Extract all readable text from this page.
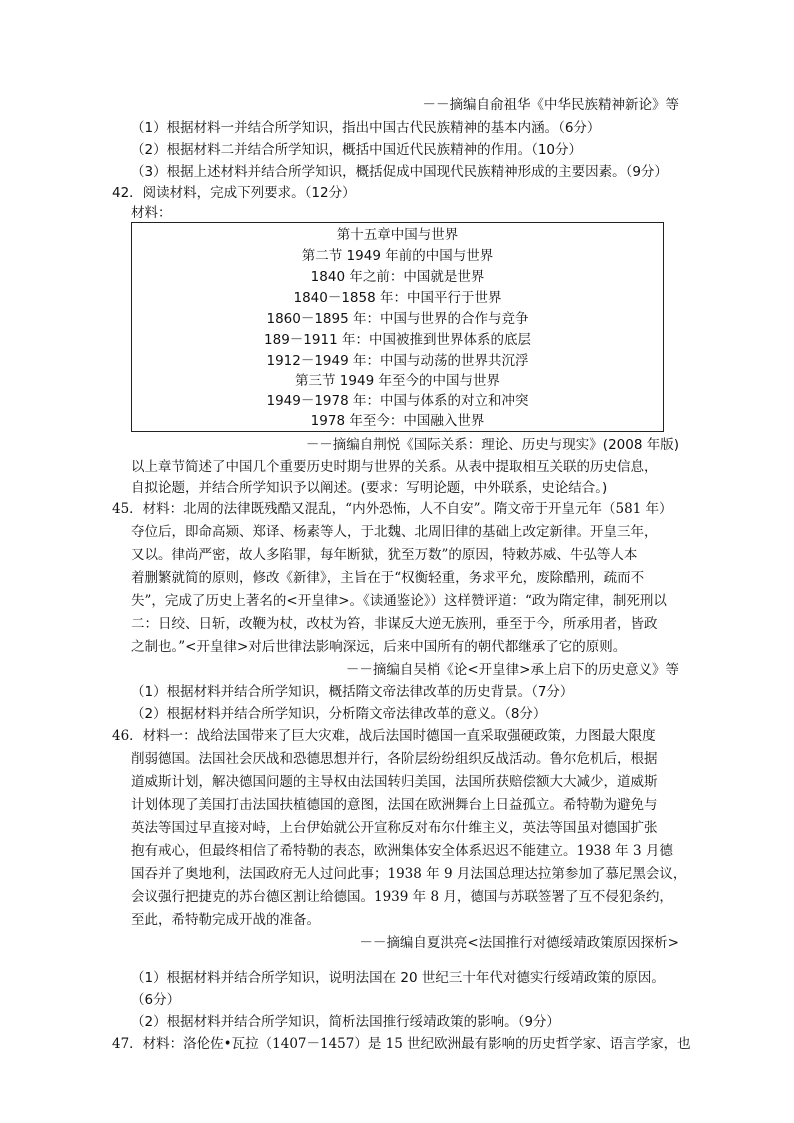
－－摘编自俞祖华《中华民族精神新论》等
（1）根据材料一并结合所学知识，指出中国古代民族精神的基本内涵。（6分）
（2）根据材料二并结合所学知识，概括中国近代民族精神的作用。（10分）
（3）根据上述材料并结合所学知识，概括促成中国现代民族精神形成的主要因素。（9分）
42．阅读材料，完成下列要求。（12分）
材料：
第十五章中国与世界
第二节 1949 年前的中国与世界
1840 年之前：中国就是世界
1840－1858 年：中国平行于世界
1860－1895 年：中国与世界的合作与竞争
189－1911 年：中国被推到世界体系的底层
1912－1949 年：中国与动荡的世界共沉浮
第三节 1949 年至今的中国与世界
1949－1978 年：中国与体系的对立和冲突
1978 年至今：中国融入世界
－－摘编自荆悦《国际关系：理论、历史与现实》(2008 年版)
以上章节简述了中国几个重要历史时期与世界的关系。从表中提取相互关联的历史信息，
自拟论题，并结合所学知识予以阐述。(要求：写明论题，中外联系，史论结合。)
45．材料：北周的法律既残酷又混乱，“内外恐怖，人不自安”。隋文帝于开皇元年（581 年）
夺位后，即命高颎、郑译、杨素等人，于北魏、北周旧律的基础上改定新律。开皇三年，
又以。律尚严密，故人多陷罪，每年断狱，犹至万数”的原因，特敕苏威、牛弘等人本
着删繁就简的原则，修改《新律》，主旨在于“权衡轻重，务求平允，废除酷刑，疏而不
失”，完成了历史上著名的<开皇律>。《读通鉴论》）这样赞评道：“政为隋定律，制死刑以
二：日绞、日斩，改鞭为杖，改杖为笞，非谋反大逆无族刑，垂至于今，所承用者，皆政
之制也。”<开皇律>对后世律法影响深远，后来中国所有的朝代都继承了它的原则。
－－摘编自吴梢《论<开皇律>承上启下的历史意义》等
（1）根据材料并结合所学知识，概括隋文帝法律改革的历史背景。（7分）
（2）根据材料并结合所学知识，分析隋文帝法律改革的意义。（8分）
46．材料一：战给法国带来了巨大灾难，战后法国时德国一直采取强硬政策，力图最大限度
削弱德国。法国社会厌战和恐德思想并行，各阶层纷纷组织反战活动。鲁尔危机后，根据
道威斯计划，解决德国问题的主导权由法国转归美国，法国所获赔偿额大大减少，道威斯
计划体现了美国打击法国扶植德国的意图，法国在欧洲舞台上日益孤立。希特勒为避免与
英法等国过早直接对峙，上台伊始就公开宣称反对布尔什维主义，英法等国虽对德国扩张
抱有戒心，但最终相信了希特勒的表态，欧洲集体安全体系迟迟不能建立。1938 年 3 月德
国吞并了奥地利，法国政府无人过问此事；1938 年 9 月法国总理达拉第参加了慕尼黑会议，
会议强行把捷克的苏台德区割让给德国。1939 年 8 月，德国与苏联签署了互不侵犯条约，
至此，希特勒完成开战的准备。
－－摘编自夏洪亮<法国推行对德绥靖政策原因探析>
（1）根据材料并结合所学知识，说明法国在 20 世纪三十年代对德实行绥靖政策的原因。
（6分）
（2）根据材料并结合所学知识，简析法国推行绥靖政策的影响。（9分）
47．材料：洛伦佐•瓦拉（1407－1457）是 15 世纪欧洲最有影响的历史哲学家、语言学家，也
